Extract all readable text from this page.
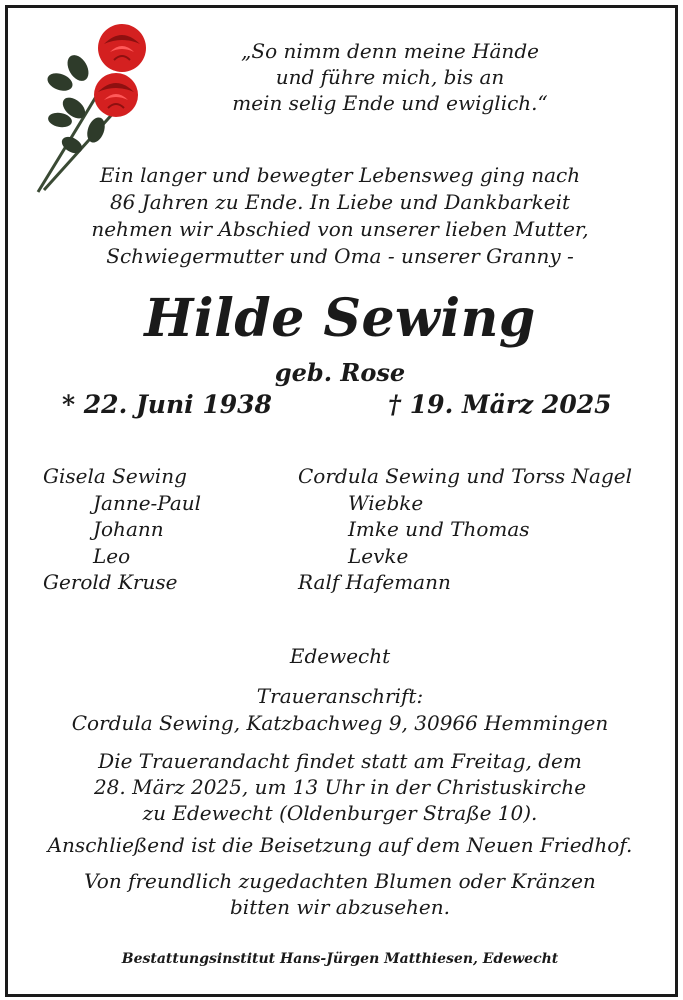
„So nimm denn meine Hände
und führe mich, bis an
mein selig Ende und ewiglich.“
Ein langer und bewegter Lebensweg ging nach
86 Jahren zu Ende. In Liebe und Dankbarkeit
nehmen wir Abschied von unserer lieben Mutter,
Schwiegermutter und Oma - unserer Granny -
Hilde Sewing
geb. Rose
* 22. Juni 1938	† 19. März 2025
Gisela Sewing
Janne-Paul
Johann
Leo
Gerold Kruse
Cordula Sewing und Torss Nagel
Wiebke
Imke und Thomas
Levke
Ralf Hafemann
Edewecht
Traueranschrift:
Cordula Sewing, Katzbachweg 9, 30966 Hemmingen
Die Trauerandacht findet statt am Freitag, dem
28. März 2025, um 13 Uhr in der Christuskirche
zu Edewecht (Oldenburger Straße 10).
Anschließend ist die Beisetzung auf dem Neuen Friedhof.
Von freundlich zugedachten Blumen oder Kränzen
bitten wir abzusehen.
Bestattungsinstitut Hans-Jürgen Matthiesen, Edewecht
